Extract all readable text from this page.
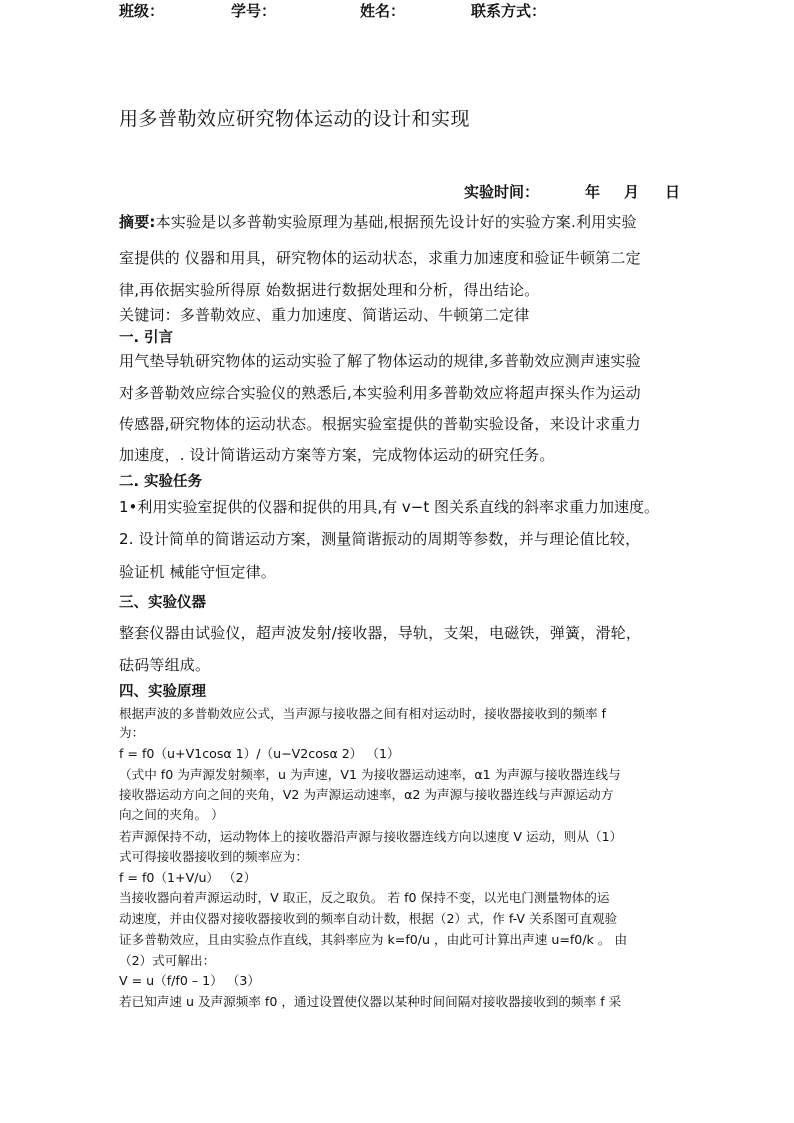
用多普勒效应研究物体运动的设计和实现
班级：	学号：	姓名：	联系方式：
实验时间：	年 月 日
摘要:本实验是以多普勒实验原理为基础,根据预先设计好的实验方案.利用实验
室提供的 仪器和用具，研究物体的运动状态，求重力加速度和验证牛顿第二定
律,再依据实验所得原 始数据进行数据处理和分析，得出结论。
关键词：多普勒效应、重力加速度、简谐运动、牛顿第二定律
一. 引言
用气垫导轨研究物体的运动实验了解了物体运动的规律,多普勒效应测声速实验
对多普勒效应综合实验仪的熟悉后,本实验利用多普勒效应将超声探头作为运动
传感器,研究物体的运动状态。根据实验室提供的普勒实验设备，来设计求重力
加速度，. 设计简谐运动方案等方案，完成物体运动的研究任务。
二. 实验任务
1•利用实验室捉供的仪器和捉供的用具,有 v−t 图关系直线的斜率求重力加速度。
2. 设计简单的简谐运动方案，测量简谐振动的周期等参数，并与理论值比较，
验证机 械能守恒定律。
三、实验仪器
整套仪器由试验仪，超声波发射/接收器，导轨，支架，电磁铁，弹簧，滑轮，
砝码等组成。
四、实验原理
根据声波的多普勒效应公式，当声源与接收器之间有相对运动时，接收器接收到的频率 f
为：
f = f0（u+V1cosα 1）/（u−V2cosα 2） （1）
（式中 f0 为声源发射频率，u 为声速，V1 为接收器运动速率，α1 为声源与接收器连线与
接收器运动方向之间的夹角，V2 为声源运动速率，α2 为声源与接收器连线与声源运动方
向之间的夹角。 ）
若声源保持不动，运动物体上的接收器沿声源与接收器连线方向以速度 V 运动，则从（1）
式可得接收器接收到的频率应为：
f = f0（1+V/u） （2）
当接收器向着声源运动时，V 取正，反之取负。 若 f0 保持不变，以光电门测量物体的运
动速度，并由仪器对接收器接收到的频率自动计数，根据（2）式，作 f-V 关系图可直观验
证多普勒效应，且由实验点作直线，其斜率应为 k=f0/u ，由此可计算出声速 u=f0/k 。 由
（2）式可解出：
V = u（f/f0 – 1） （3）
若已知声速 u 及声源频率 f0 ，通过设置使仪器以某种时间间隔对接收器接收到的频率 f 采
